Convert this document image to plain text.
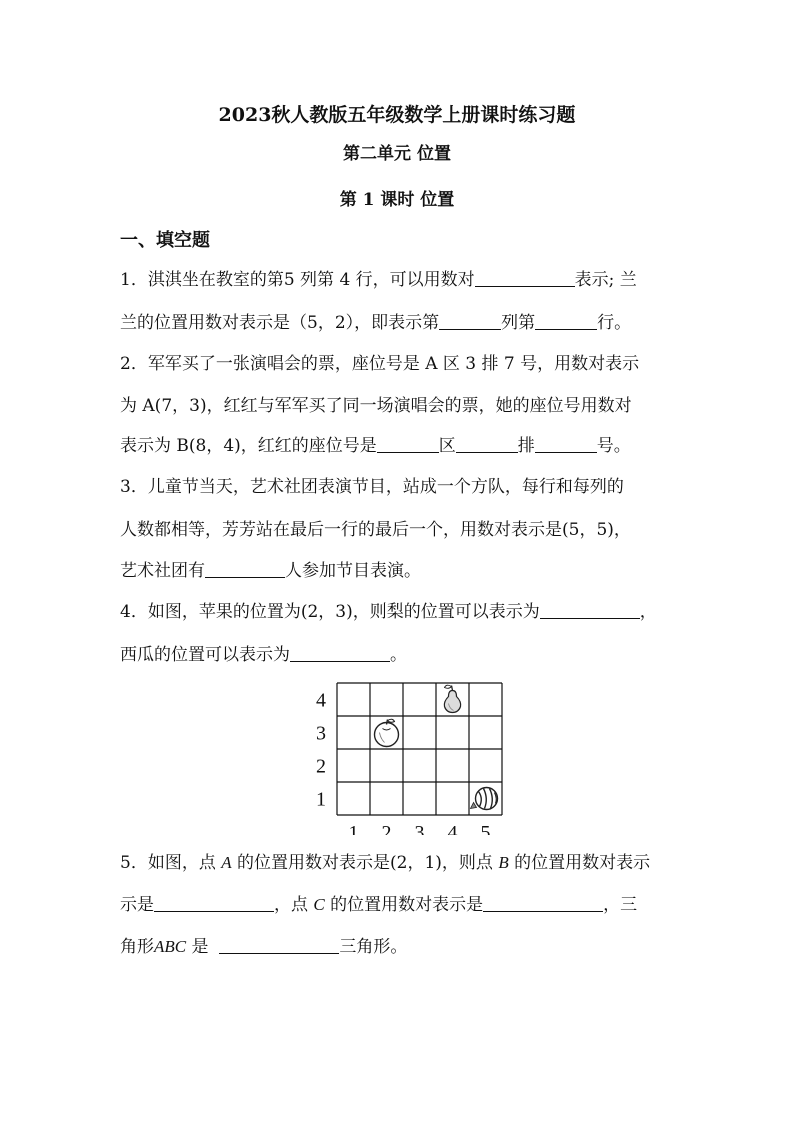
2023秋人教版五年级数学上册课时练习题
第二单元 位置
第 1 课时 位置
一、填空题
1．淇淇坐在教室的第5 列第 4 行，可以用数对	表示; 兰
兰的位置用数对表示是（5，2），即表示第	列第	行。
2．军军买了一张演唱会的票，座位号是 A 区 3 排 7 号，用数对表示
为 A(7，3)，红红与军军买了同一场演唱会的票，她的座位号用数对
表示为 B(8，4)，红红的座位号是	区	排	号。
3．儿童节当天，艺术社团表演节目，站成一个方队，每行和每列的
人数都相等，芳芳站在最后一行的最后一个，用数对表示是(5，5)，
艺术社团有	人参加节目表演。
4．如图，苹果的位置为(2，3)，则梨的位置可以表示为	，
西瓜的位置可以表示为	。
1
2
3
4
1 2 3 4 5
5．如图，点 A 的位置用数对表示是(2，1)，则点 B 的位置用数对表示
示是	，点 C 的位置用数对表示是	，三
角形ABC 是	三角形。
